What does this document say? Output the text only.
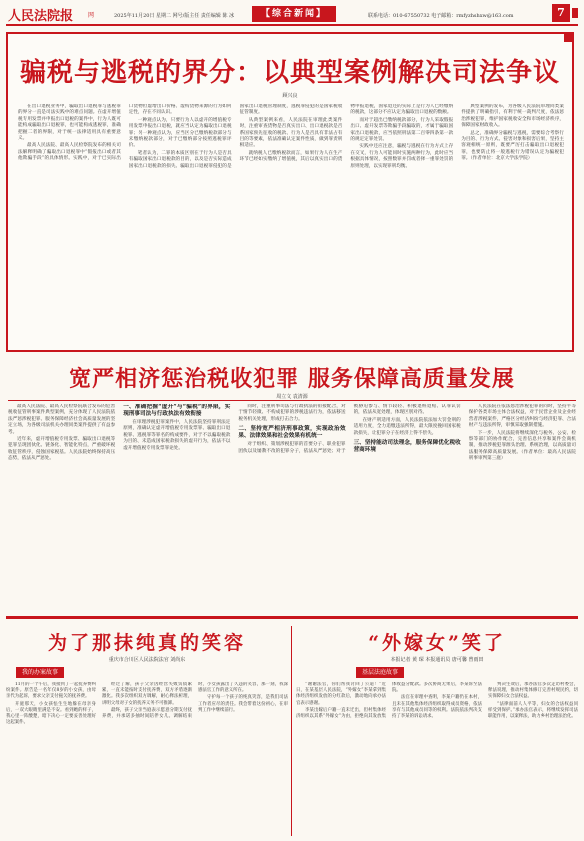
人民法院报 网	2025年11月20日 星期二 网号/版主任 责任编辑 陈 冰	【综合新闻】	联系电话：010-67550732 电子邮箱：rmfyzhshxw@163.com	7
骗税与逃税的界分：以典型案例解决司法争议
顾兴良

在出口退税业务中，骗取出口退税罪与逃税罪的界分一直是司法实践中的难点问题。在虚开增值税专用发票并申报出口退税的案件中，行为人既可能构成骗取出口退税罪，也可能构成逃税罪，准确把握二者的界限，对于统一法律适用具有重要意义。

最高人民法院、最高人民检察院发布的相关司法解释明确了骗取出口退税罪中“假报出口或者其他欺骗手段”的具体情形。实践中，对于已实际出口货物但虚增出口价格、虚构货物来源的行为如何定性，存在不同认识。

一种观点认为，只要行为人以虚开的增值税专用发票申报出口退税，就应当认定为骗取出口退税罪；另一种观点认为，应当区分已缴纳税款部分与未缴纳税款部分，对于已缴纳部分按照逃税罪评价。

笔者认为，二罪的本质区别在于行为人是否具有骗取国家出口退税款的目的，以及是否实际造成国家出口退税款的损失。骗取出口退税罪侵犯的是国家出口退税管理制度，逃税罪侵犯的是国家税收征管制度。

从典型案例来看，人民法院在审理此类案件时，注重审查货物是否真实出口、出口退税款是否系国家预先征收的税款、行为人是否具有非法占有目的等要素，依法准确认定案件性质，做到罪责刑相适应。

就纳税人已缴纳税款而言，如果行为人在生产环节已经如实缴纳了增值税，其后以真实出口的货物申报退税，国家退还的实际上是行为人已经缴纳的税款，这部分不应认定为骗取出口退税的数额。

而对于超出已缴纳税款部分，行为人采取假报出口、虚开发票等欺骗手段骗取的，才属于骗取国家出口退税款，应当依照刑法第二百零四条第一款的规定定罪处罚。

实践中还应注意，骗税与逃税在行为方式上存在交叉，行为人可能同时实施两种行为，此时应当根据具体情况，按照数罪并罚或者择一重罪处罚的原则处理，以实现罪刑均衡。

典型案例的发布，为各级人民法院审理同类案件提供了明确指引，有利于统一裁判尺度，依法惩治涉税犯罪，维护国家税收安全和市场经济秩序，保障国家财政收入。

总之，准确界分骗税与逃税，需要综合考察行为目的、行为方式、侵害对象和损害后果，坚持主客观相统一原则，既要严厉打击骗取出口退税犯罪，也要防止将一般逃税行为错误认定为骗税犯罪。（作者单位：北京大学法学院）

宽严相济惩治税收犯罪 服务保障高质量发展
周立文 袁清源

最高人民法院、最高人民检察院联合发布的危害税收征管刑事案件典型案例，充分体现了人民法院依法严惩涉税犯罪、服务保障经济社会高质量发展的坚定立场，为各级司法机关办理同类案件提供了有益参考。

近年来，虚开增值税专用发票、骗取出口退税等犯罪呈现团伙化、链条化、智能化特点，严重破坏税收征管秩序，侵蚀国家税基。人民法院始终保持高压态势，依法从严惩处。

一、准确把握“虚开”与“骗税”的界限，实现刑事司法与行政执法有效衔接

在审理涉税犯罪案件中，人民法院坚持罪刑法定原则，准确认定虚开增值税专用发票罪、骗取出口退税罪、逃税罪等罪名的构成要件，对于不以骗取税款为目的、未造成国家税款损失的虚开行为，依法不以虚开增值税专用发票罪论处。

同时，注重刑事司法与行政执法的衔接配合，对于情节轻微、不构成犯罪的涉税违法行为，依法移送税务机关处理，形成打击合力。

二、坚持宽严相济刑事政策，实现政治效果、法律效果和社会效果有机统一

对于组织、策划涉税犯罪的首要分子、职业犯罪团伙以及屡教不改的犯罪分子，依法从严惩处；对于被胁迫参与、情节较轻、积极退赃退赔、认罪认罚的，依法从宽处理，体现区别对待。

在财产刑适用方面，人民法院依法加大罚金刑的适用力度，全力追缴违法所得，最大限度挽回国家税款损失，让犯罪分子在经济上得不偿失。

三、坚持能动司法理念，服务保障优化税收营商环境

人民法院在依法惩治涉税犯罪的同时，坚持平等保护各类市场主体合法权益，对于民营企业及企业经营者涉税案件，严格区分经济纠纷与经济犯罪、合法财产与违法所得，审慎采取强制措施。

下一步，人民法院将继续深化与税务、公安、检察等部门的协作配合，完善信息共享和案件会商机制，推动涉税犯罪源头治理、系统治理，以高质量司法服务保障高质量发展。（作者单位：最高人民法院刑事审判第三庭）

为了那抹纯真的笑容
重庆市合川区人民法院法官 刘尚东
我的办案故事

11月的一个午后，我接到了一起抚养费纠纷案件。原告是一名年仅8岁的小女孩，由母亲代为起诉，要求父亲支付拖欠的抚养费。

开庭那天，小女孩怯生生地躲在母亲身后，一双大眼睛里满是不安。看到她的样子，我心里一阵酸楚，暗下决心一定要妥善处理好这起案件。

经过了解，孩子父亲因经营失败负债累累，一直未能按时支付抚养费，双方矛盾逐渐激化。我多次组织双方调解，耐心释法析理，讲明父母对子女的抚养义务不可推卸。

最终，孩子父亲当庭表示愿意分期支付抚养费，并承诺多抽时间陪伴女儿。调解结束时，小女孩露出了久违的笑容，那一刻，我深感法官工作的意义所在。

守护每一个孩子的纯真笑容，是我们司法工作者应尽的责任。我会带着这份初心，在审判工作中继续前行。

“外嫁女”笑了
本报记者 黄 琛 本报通讯员 唐可馨 曾雨田
基层法庭故事

“谢谢法官，你们帮我讨回了公道！”近日，在某基层人民法院，“外嫁女”李某拿到集体经济组织发放的分红款后，激动地向承办法官表示感谢。

李某出嫁后户籍一直未迁出，但村集体经济组织以其系“外嫁女”为由，拒绝向其发放集体收益分配款。多次协商无果后，李某诉至法院。

法官在审理中查明，李某户籍仍在本村，且未在其他集体经济组织取得成员资格，依法享有与其他成员同等的权利。法院依法判决支持了李某的诉讼请求。

判决生效后，承办法官多次走访村委会，释法说理，推动村集体修订完善村规民约，切实保障妇女合法权益。

“法律面前人人平等，妇女的合法权益同样受到保护。”承办法官表示，将继续发挥司法职能作用，以案释法，助力乡村治理法治化。
